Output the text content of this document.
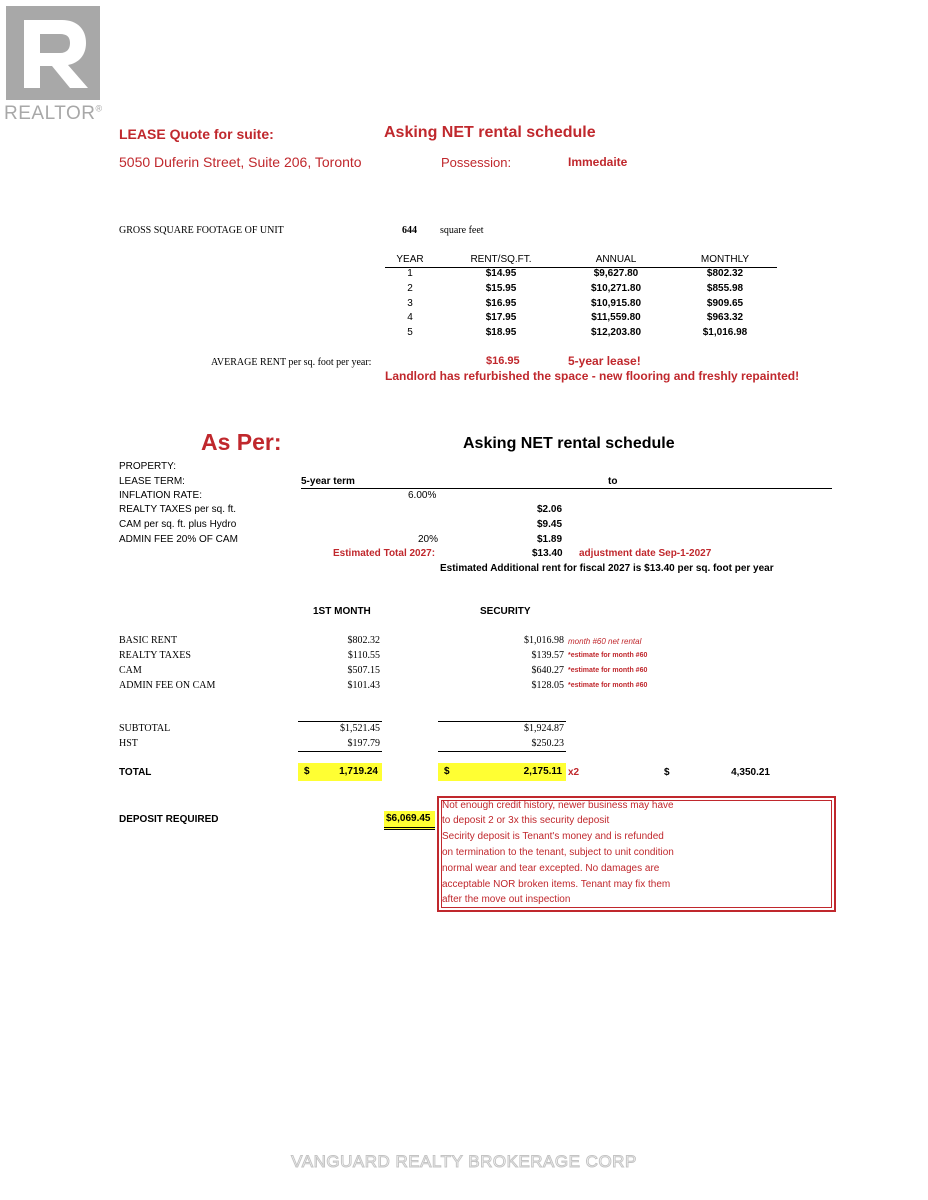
REALTOR®
LEASE Quote for suite:	Asking NET rental schedule
5050 Duferin Street, Suite 206, Toronto	Possession:	Immedaite
GROSS SQUARE FOOTAGE OF UNIT	644 square feet
YEAR	RENT/SQ.FT.	ANNUAL	MONTHLY
1	$14.95	$9,627.80	$802.32
2	$15.95	$10,271.80	$855.98
3	$16.95	$10,915.80	$909.65
4	$17.95	$11,559.80	$963.32
5	$18.95	$12,203.80	$1,016.98
AVERAGE RENT per sq. foot per year:	$16.95	5-year lease!
Landlord has refurbished the space - new flooring and freshly repainted!
As Per:	Asking NET rental schedule
PROPERTY:
LEASE TERM:	5-year term	to
INFLATION RATE:	6.00%
REALTY TAXES per sq. ft.	$2.06
CAM per sq. ft. plus Hydro	$9.45
ADMIN FEE 20% OF CAM	20%	$1.89
Estimated Total 2027:	$13.40 adjustment date Sep-1-2027
Estimated Additional rent for fiscal 2027 is $13.40 per sq. foot per year
1ST MONTH	SECURITY
BASIC RENT	$802.32	$1,016.98 month #60 net rental
REALTY TAXES	$110.55	$139.57 *estimate for month #60
CAM	$507.15	$640.27 *estimate for month #60
ADMIN FEE ON CAM	$101.43	$128.05 *estimate for month #60
SUBTOTAL	$1,521.45	$1,924.87
HST	$197.79	$250.23
TOTAL	$	1,719.24	$	2,175.11 x2	$	4,350.21
DEPOSIT REQUIRED	$6,069.45
Not enough credit history, newer business may have
to deposit 2 or 3x this security deposit
Secirity deposit is Tenant's money and is refunded
on termination to the tenant, subject to unit condition
normal wear and tear excepted. No damages are
acceptable NOR broken items. Tenant may fix them
after the move out inspection
VANGUARD REALTY BROKERAGE CORP
